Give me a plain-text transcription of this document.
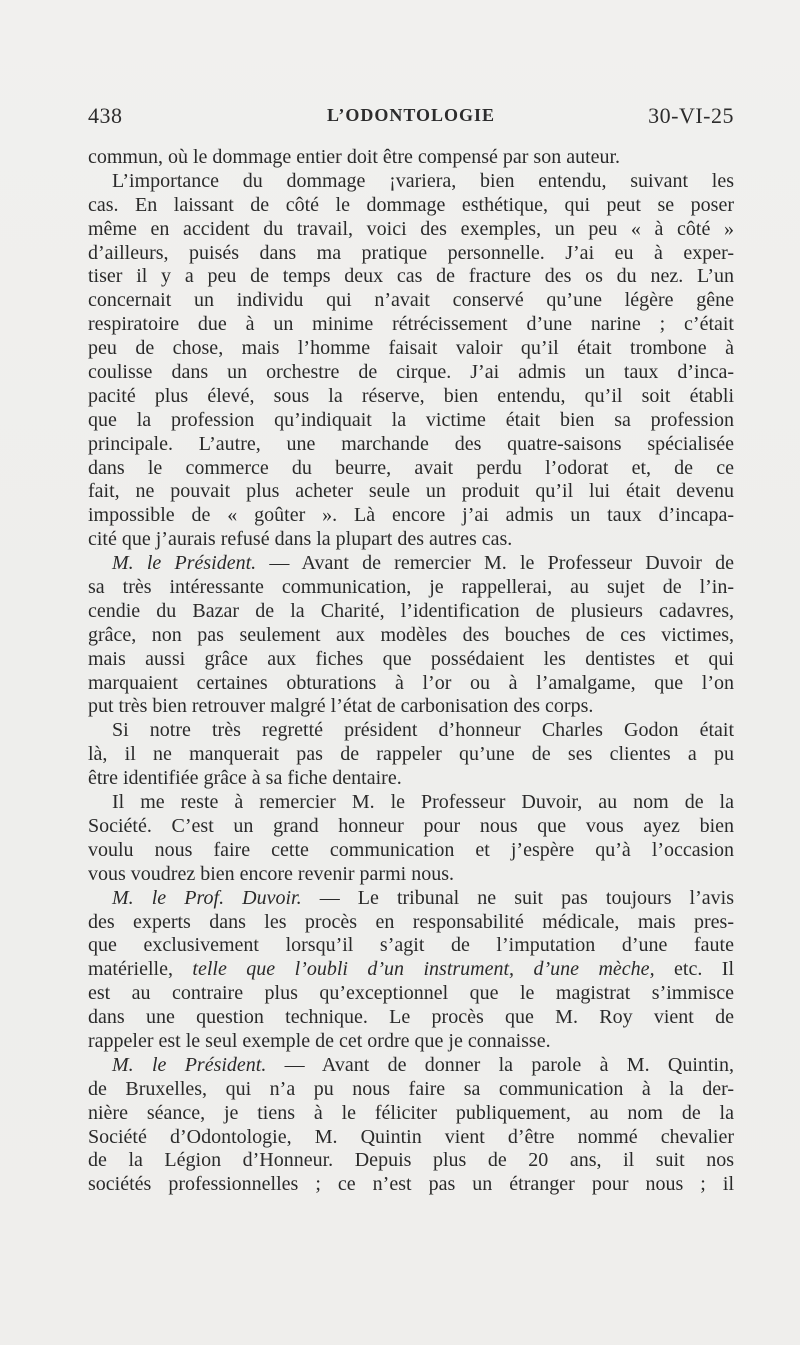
438	L’ODONTOLOGIE	30-VI-25
commun, où le dommage entier doit être compensé par son auteur.
L’importance du dommage ¡variera, bien entendu, suivant les
cas. En laissant de côté le dommage esthétique, qui peut se poser
même en accident du travail, voici des exemples, un peu « à côté »
d’ailleurs, puisés dans ma pratique personnelle. J’ai eu à exper-
tiser il y a peu de temps deux cas de fracture des os du nez. L’un
concernait un individu qui n’avait conservé qu’une légère gêne
respiratoire due à un minime rétrécissement d’une narine ; c’était
peu de chose, mais l’homme faisait valoir qu’il était trombone à
coulisse dans un orchestre de cirque. J’ai admis un taux d’inca-
pacité plus élevé, sous la réserve, bien entendu, qu’il soit établi
que la profession qu’indiquait la victime était bien sa profession
principale. L’autre, une marchande des quatre-saisons spécialisée
dans le commerce du beurre, avait perdu l’odorat et, de ce
fait, ne pouvait plus acheter seule un produit qu’il lui était devenu
impossible de « goûter ». Là encore j’ai admis un taux d’incapa-
cité que j’aurais refusé dans la plupart des autres cas.
M. le Président. — Avant de remercier M. le Professeur Duvoir de
sa très intéressante communication, je rappellerai, au sujet de l’in-
cendie du Bazar de la Charité, l’identification de plusieurs cadavres,
grâce, non pas seulement aux modèles des bouches de ces victimes,
mais aussi grâce aux fiches que possédaient les dentistes et qui
marquaient certaines obturations à l’or ou à l’amalgame, que l’on
put très bien retrouver malgré l’état de carbonisation des corps.
Si notre très regretté président d’honneur Charles Godon était
là, il ne manquerait pas de rappeler qu’une de ses clientes a pu
être identifiée grâce à sa fiche dentaire.
Il me reste à remercier M. le Professeur Duvoir, au nom de la
Société. C’est un grand honneur pour nous que vous ayez bien
voulu nous faire cette communication et j’espère qu’à l’occasion
vous voudrez bien encore revenir parmi nous.
M. le Prof. Duvoir. — Le tribunal ne suit pas toujours l’avis
des experts dans les procès en responsabilité médicale, mais pres-
que exclusivement lorsqu’il s’agit de l’imputation d’une faute
matérielle, telle que l’oubli d’un instrument, d’une mèche, etc. Il
est au contraire plus qu’exceptionnel que le magistrat s’immisce
dans une question technique. Le procès que M. Roy vient de
rappeler est le seul exemple de cet ordre que je connaisse.
M. le Président. — Avant de donner la parole à M. Quintin,
de Bruxelles, qui n’a pu nous faire sa communication à la der-
nière séance, je tiens à le féliciter publiquement, au nom de la
Société d’Odontologie, M. Quintin vient d’être nommé chevalier
de la Légion d’Honneur. Depuis plus de 20 ans, il suit nos
sociétés professionnelles ; ce n’est pas un étranger pour nous ; il
